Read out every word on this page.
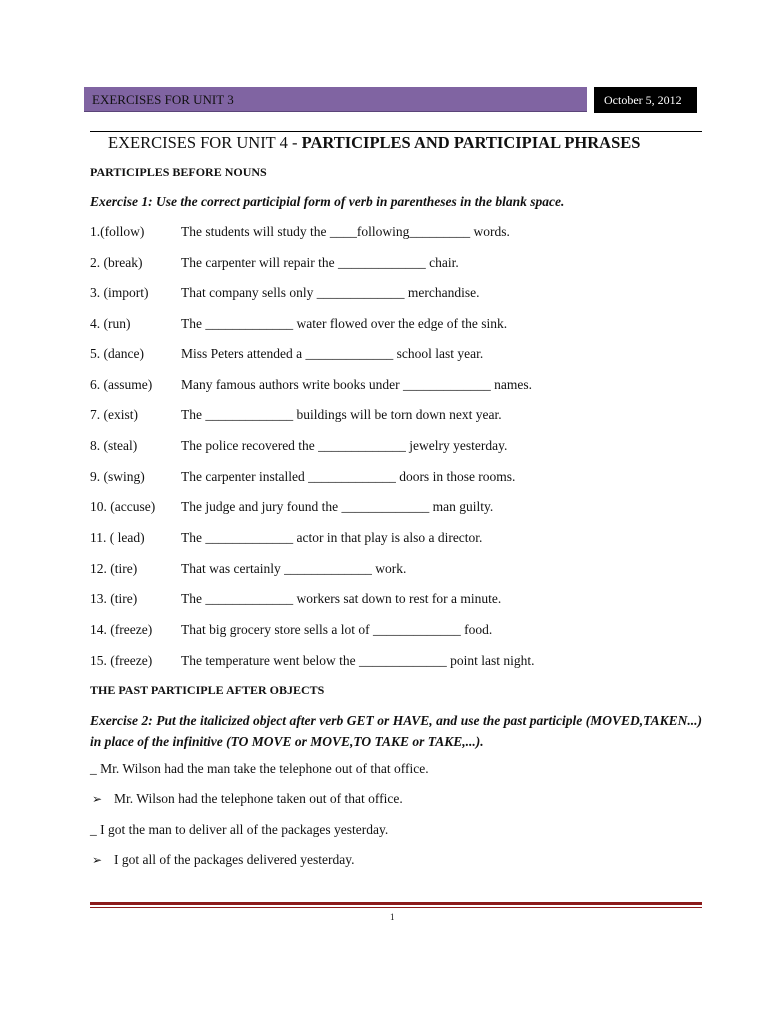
EXERCISES FOR UNIT 3	October 5, 2012
EXERCISES FOR UNIT 4 - PARTICIPLES AND PARTICIPIAL PHRASES
PARTICIPLES BEFORE NOUNS
Exercise 1: Use the correct participial form of verb in parentheses in the blank space.
1.(follow)	The students will study the ____following_________ words.
2. (break)	The carpenter will repair the _____________ chair.
3. (import) That company sells only _____________ merchandise.
4. (run)	The _____________ water flowed over the edge of the sink.
5. (dance)	Miss Peters attended a _____________ school last year.
6. (assume) Many famous authors write books under _____________ names.
7. (exist)	The _____________ buildings will be torn down next year.
8. (steal)	The police recovered the _____________ jewelry yesterday.
9. (swing)	The carpenter installed _____________ doors in those rooms.
10. (accuse) The judge and jury found the _____________ man guilty.
11. ( lead)	The _____________ actor in that play is also a director.
12. (tire)	That was certainly _____________ work.
13. (tire)	The _____________ workers sat down to rest for a minute.
14. (freeze) That big grocery store sells a lot of _____________ food.
15. (freeze) The temperature went below the _____________ point last night.
THE PAST PARTICIPLE AFTER OBJECTS
Exercise 2: Put the italicized object after verb GET or HAVE, and use the past participle (MOVED,TAKEN...) in place of the infinitive (TO MOVE or MOVE,TO TAKE or TAKE,...).
_ Mr. Wilson had the man take the telephone out of that office.
➢ Mr. Wilson had the telephone taken out of that office.
_ I got the man to deliver all of the packages yesterday.
➢ I got all of the packages delivered yesterday.
1
